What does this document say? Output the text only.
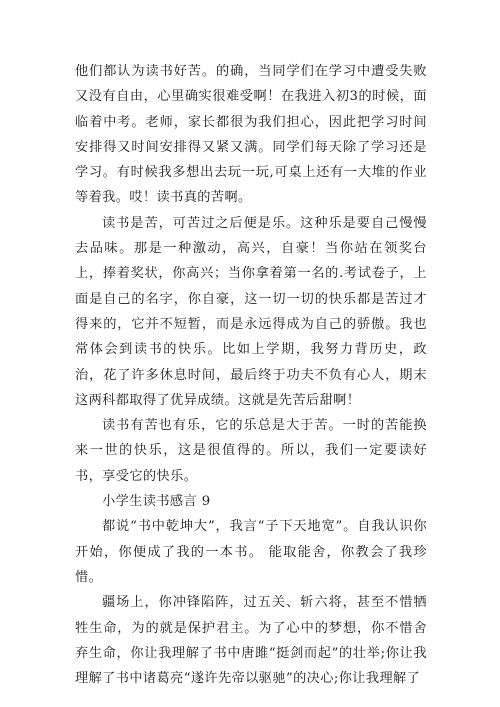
他们都认为读书好苦。的确，当同学们在学习中遭受失败又没有自由，心里确实很难受啊！在我进入初3的时候，面临着中考。老师，家长都很为我们担心，因此把学习时间安排得又时间安排得又紧又满。同学们每天除了学习还是学习。有时候我多想出去玩一玩,可桌上还有一大堆的作业等着我。哎！读书真的苦啊。

读书是苦，可苦过之后便是乐。这种乐是要自己慢慢去品味。那是一种激动，高兴，自豪！当你站在领奖台上，捧着奖状，你高兴；当你拿着第一名的.考试卷子，上面是自己的名字，你自豪，这一切一切的快乐都是苦过才得来的，它并不短暂，而是永远得成为自己的骄傲。我也常体会到读书的快乐。比如上学期，我努力背历史，政治，花了许多休息时间，最后终于功夫不负有心人，期末这两科都取得了优异成绩。这就是先苦后甜啊！

读书有苦也有乐，它的乐总是大于苦。一时的苦能换来一世的快乐，这是很值得的。所以，我们一定要读好书，享受它的快乐。

小学生读书感言 9

都说“书中乾坤大”，我言“子下天地宽”。自我认识你开始，你便成了我的一本书。 能取能舍，你教会了我珍惜。

疆场上，你冲锋陷阵，过五关、斩六将，甚至不惜牺牲生命，为的就是保护君主。为了心中的梦想，你不惜舍弃生命，你让我理解了书中唐雎“挺剑而起”的壮举;你让我理解了书中诸葛亮“遂许先帝以驱驰”的决心;你让我理解了
